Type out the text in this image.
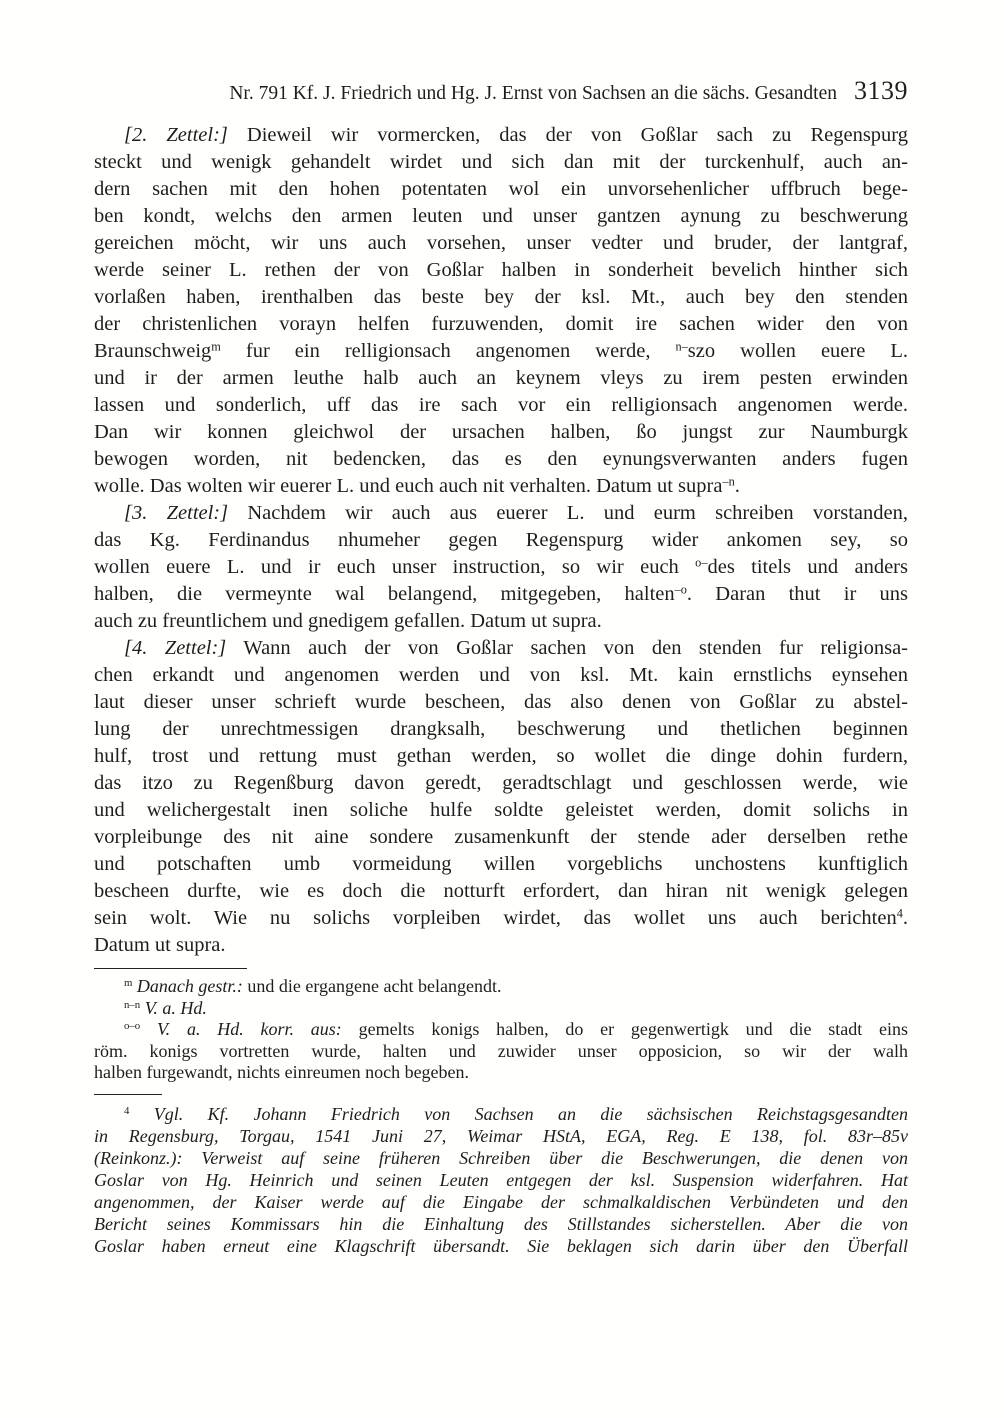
Nr. 791 Kf. J. Friedrich und Hg. J. Ernst von Sachsen an die sächs. Gesandten 3139
[2. Zettel:] Dieweil wir vormercken, das der von Goßlar sach zu Regenspurg
steckt und wenigk gehandelt wirdet und sich dan mit der turckenhulf, auch an-
dern sachen mit den hohen potentaten wol ein unvorsehenlicher uffbruch bege-
ben kondt, welchs den armen leuten und unser gantzen aynung zu beschwerung
gereichen möcht, wir uns auch vorsehen, unser vedter und bruder, der lantgraf,
werde seiner L. rethen der von Goßlar halben in sonderheit bevelich hinther sich
vorlaßen haben, irenthalben das beste bey der ksl. Mt., auch bey den stenden
der christenlichen vorayn helfen furzuwenden, domit ire sachen wider den von
Braunschweig$^m$ fur ein relligionsach angenomen werde, $^{n-}$szo wollen euere L.
und ir der armen leuthe halb auch an keynem vleys zu irem pesten erwinden
lassen und sonderlich, uff das ire sach vor ein relligionsach angenomen werde.
Dan wir konnen gleichwol der ursachen halben, ßo jungst zur Naumburgk
bewogen worden, nit bedencken, das es den eynungsverwanten anders fugen
wolle. Das wolten wir euerer L. und euch auch nit verhalten. Datum ut supra$^{-n}$.
[3. Zettel:] Nachdem wir auch aus euerer L. und eurm schreiben vorstanden,
das Kg. Ferdinandus nhumeher gegen Regenspurg wider ankomen sey, so
wollen euere L. und ir euch unser instruction, so wir euch $^{o-}$des titels und anders
halben, die vermeynte wal belangend, mitgegeben, halten$^{-o}$. Daran thut ir uns
auch zu freuntlichem und gnedigem gefallen. Datum ut supra.
[4. Zettel:] Wann auch der von Goßlar sachen von den stenden fur religionsa-
chen erkandt und angenomen werden und von ksl. Mt. kain ernstlichs eynsehen
laut dieser unser schrieft wurde bescheen, das also denen von Goßlar zu abstel-
lung der unrechtmessigen drangksalh, beschwerung und thetlichen beginnen
hulf, trost und rettung must gethan werden, so wollet die dinge dohin furdern,
das itzo zu Regenßburg davon geredt, geradtschlagt und geschlossen werde, wie
und welichergestalt inen soliche hulfe soldte geleistet werden, domit solichs in
vorpleibunge des nit aine sondere zusamenkunft der stende ader derselben rethe
und potschaften umb vormeidung willen vorgeblichs unchostens kunftiglich
bescheen durfte, wie es doch die notturft erfordert, dan hiran nit wenigk gelegen
sein wolt. Wie nu solichs vorpleiben wirdet, das wollet uns auch berichten$^4$.
Datum ut supra.
$^m$ Danach gestr.: und die ergangene acht belangendt.
$^{n-n}$ V. a. Hd.
$^{o-o}$ V. a. Hd. korr. aus: gemelts konigs halben, do er gegenwertigk und die stadt eins
röm. konigs vortretten wurde, halten und zuwider unser opposicion, so wir der walh
halben furgewandt, nichts einreumen noch begeben.
$^4$ Vgl. Kf. Johann Friedrich von Sachsen an die sächsischen Reichstagsgesandten
in Regensburg, Torgau, 1541 Juni 27, Weimar HStA, EGA, Reg. E 138, fol. 83r–85v
(Reinkonz.): Verweist auf seine früheren Schreiben über die Beschwerungen, die denen von
Goslar von Hg. Heinrich und seinen Leuten entgegen der ksl. Suspension widerfahren. Hat
angenommen, der Kaiser werde auf die Eingabe der schmalkaldischen Verbündeten und den
Bericht seines Kommissars hin die Einhaltung des Stillstandes sicherstellen. Aber die von
Goslar haben erneut eine Klagschrift übersandt. Sie beklagen sich darin über den Überfall
